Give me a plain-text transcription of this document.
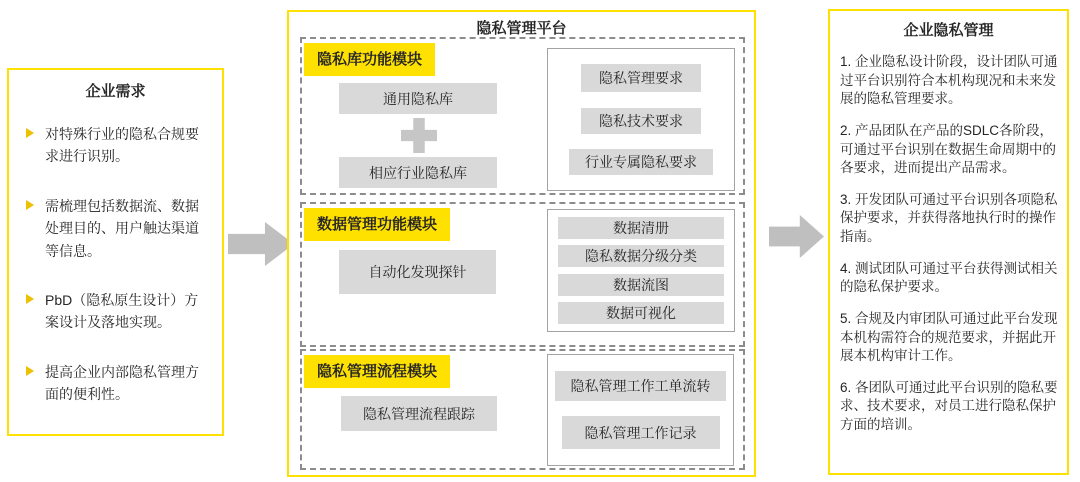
企业需求
对特殊行业的隐私合规要求进行识别。
需梳理包括数据流、数据处理目的、用户触达渠道等信息。
PbD（隐私原生设计）方案设计及落地实现。
提高企业内部隐私管理方面的便利性。
隐私管理平台
隐私库功能模块
通用隐私库
相应行业隐私库
隐私管理要求
隐私技术要求
行业专属隐私要求
数据管理功能模块
自动化发现探针
数据清册
隐私数据分级分类
数据流图
数据可视化
隐私管理流程模块
隐私管理流程跟踪
隐私管理工作工单流转
隐私管理工作记录
企业隐私管理

1. 企业隐私设计阶段，设计团队可通过平台识别符合本机构现况和未来发展的隐私管理要求。

2. 产品团队在产品的SDLC各阶段，可通过平台识别在数据生命周期中的各要求，进而提出产品需求。

3. 开发团队可通过平台识别各项隐私保护要求，并获得落地执行时的操作指南。

4. 测试团队可通过平台获得测试相关的隐私保护要求。

5. 合规及内审团队可通过此平台发现本机构需符合的规范要求，并据此开展本机构审计工作。

6. 各团队可通过此平台识别的隐私要求、技术要求，对员工进行隐私保护方面的培训。
